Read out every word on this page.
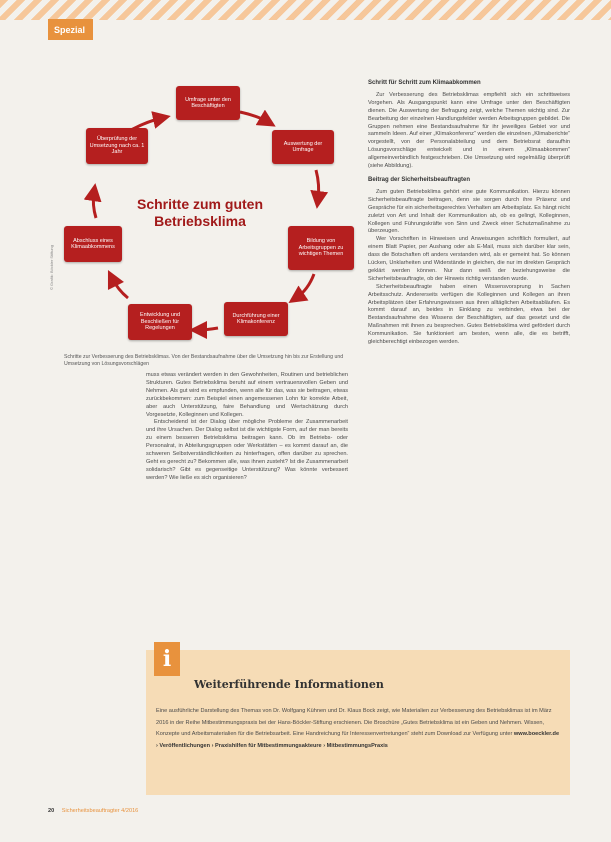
Spezial
Umfrage unter den Beschäftigten
Auswertung der Umfrage
Bildung von Arbeitsgruppen zu wichtigen Themen
Durchführung einer Klimakonferenz
Entwicklung und Beschließen für Regelungen
Abschluss eines Klimaabkommens
Überprüfung der Umsetzung nach ca. 1 Jahr
Schritte zum guten
Betriebsklima
© Grafik: Böckler Stiftung
Schritte zur Verbesserung des Betriebsklimas. Von der Bestandsaufnahme über die Umsetzung hin bis zur Erstellung und Umsetzung von Lösungsvorschlägen

muss etwas verändert werden in den Gewohnheiten, Routinen und betrieblichen Strukturen. Gutes Betriebsklima beruht auf einem vertrauensvollen Geben und Nehmen. Als gut wird es empfunden, wenn alle für das, was sie beitragen, etwas zurückbekommen: zum Beispiel einen angemessenen Lohn für korrekte Arbeit, aber auch Unterstützung, faire Behandlung und Wertschätzung durch Vorgesetzte, Kolleginnen und Kollegen.

Entscheidend ist der Dialog über mögliche Probleme der Zusammenarbeit und ihre Ursachen. Der Dialog selbst ist die wichtigste Form, auf der man bereits zu einem besseren Betriebsklima beitragen kann. Ob im Betriebs- oder Personalrat, in Abteilungsgruppen oder Werkstätten – es kommt darauf an, die schweren Selbstverständlichkeiten zu hinterfragen, offen darüber zu sprechen. Geht es gerecht zu? Bekommen alle, was ihnen zusteht? Ist die Zusammenarbeit solidarisch? Gibt es gegenseitige Unterstützung? Was könnte verbessert werden? Wie ließe es sich organisieren?

Schritt für Schritt zum Klimaabkommen

Zur Verbesserung des Betriebsklimas empfiehlt sich ein schrittweises Vorgehen. Als Ausgangspunkt kann eine Umfrage unter den Beschäftigten dienen. Die Auswertung der Befragung zeigt, welche Themen wichtig sind. Zur Bearbeitung der einzelnen Handlungsfelder werden Arbeitsgruppen gebildet. Die Gruppen nehmen eine Bestandsaufnahme für ihr jeweiliges Gebiet vor und sammeln Ideen. Auf einer „Klimakonferenz“ werden die einzelnen „Klimaberichte“ vorgestellt, von der Personalabteilung und dem Betriebsrat daraufhin Lösungsvorschläge entwickelt und in einem „Klimaabkommen“ allgemeinverbindlich festgeschrieben. Die Umsetzung wird regelmäßig überprüft (siehe Abbildung).

Beitrag der Sicherheitsbeauftragten

Zum guten Betriebsklima gehört eine gute Kommunikation. Hierzu können Sicherheitsbeauftragte beitragen, denn sie sorgen durch ihre Präsenz und Gespräche für ein sicherheitsgerechtes Verhalten am Arbeitsplatz. Es hängt nicht zuletzt von Art und Inhalt der Kommunikation ab, ob es gelingt, Kolleginnen, Kollegen und Führungskräfte von Sinn und Zweck einer Schutzmaßnahme zu überzeugen.

Wer Vorschriften in Hinweisen und Anweisungen schriftlich formuliert, auf einem Blatt Papier, per Aushang oder als E-Mail, muss sich darüber klar sein, dass die Botschaften oft anders verstanden wird, als er gemeint hat. So können Lücken, Unklarheiten und Widerstände in gleichen, die nur im direkten Gespräch geklärt werden können. Nur dann weiß der beziehungsweise die Sicherheitsbeauftragte, ob der Hinweis richtig verstanden wurde.

Sicherheitsbeauftragte haben einen Wissensvorsprung in Sachen Arbeitsschutz. Andererseits verfügen die Kolleginnen und Kollegen an ihren Arbeitsplätzen über Erfahrungswissen aus ihren alltäglichen Arbeitsabläufen. Es kommt darauf an, beides in Einklang zu verbinden, etwa bei der Bestandsaufnahme des Wissens der Beschäftigten, auf das gesetzt und die Maßnahmen mit ihnen zu besprechen. Gutes Betriebsklima wird gefördert durch Kommunikation. Sie funktioniert am besten, wenn alle, die es betrifft, gleichberechtigt einbezogen werden.

i
Weiterführende Informationen
Eine ausführliche Darstellung des Themas von Dr. Wolfgang Kühnen und Dr. Klaus Bock zeigt, wie Materialien zur Verbesserung des Betriebsklimas ist im März 2016 in der Reihe Mitbestimmungspraxis bei der Hans-Böckler-Stiftung erschienen. Die Broschüre „Gutes Betriebsklima ist ein Geben und Nehmen. Wissen, Konzepte und Arbeitsmaterialien für die Betriebsarbeit. Eine Handreichung für Interessenvertretungen“ steht zum Download zur Verfügung unter www.boeckler.de › Veröffentlichungen › Praxishilfen für Mitbestimmungsakteure › MitbestimmungsPraxis
20 Sicherheitsbeauftragter 4/2016
